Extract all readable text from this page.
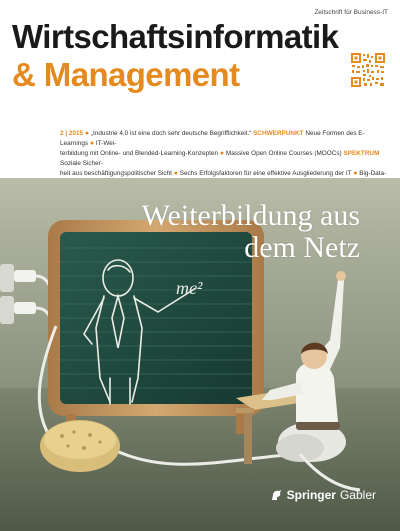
Zeitschrift für Business-IT
Wirtschaftsinformatik
& Management
2 | 2015 ● „Industrie 4.0 ist eine doch sehr deutsche Begrifflichkeit.“ SCHWERPUNKT Neue Formen des E-Learnings ● IT-Wei-
terbildung mit Online- und Blended-Learning-Konzepten ● Massive Open Online Courses (MOOCs) SPEKTRUM Soziale Sicher-
heit aus beschäftigungspolitischer Sicht ● Sechs Erfolgsfaktoren für eine effektive Ausgliederung der IT ● Big-Data-

mc²
Weiterbildung aus
dem Netz
Springer Gabler
